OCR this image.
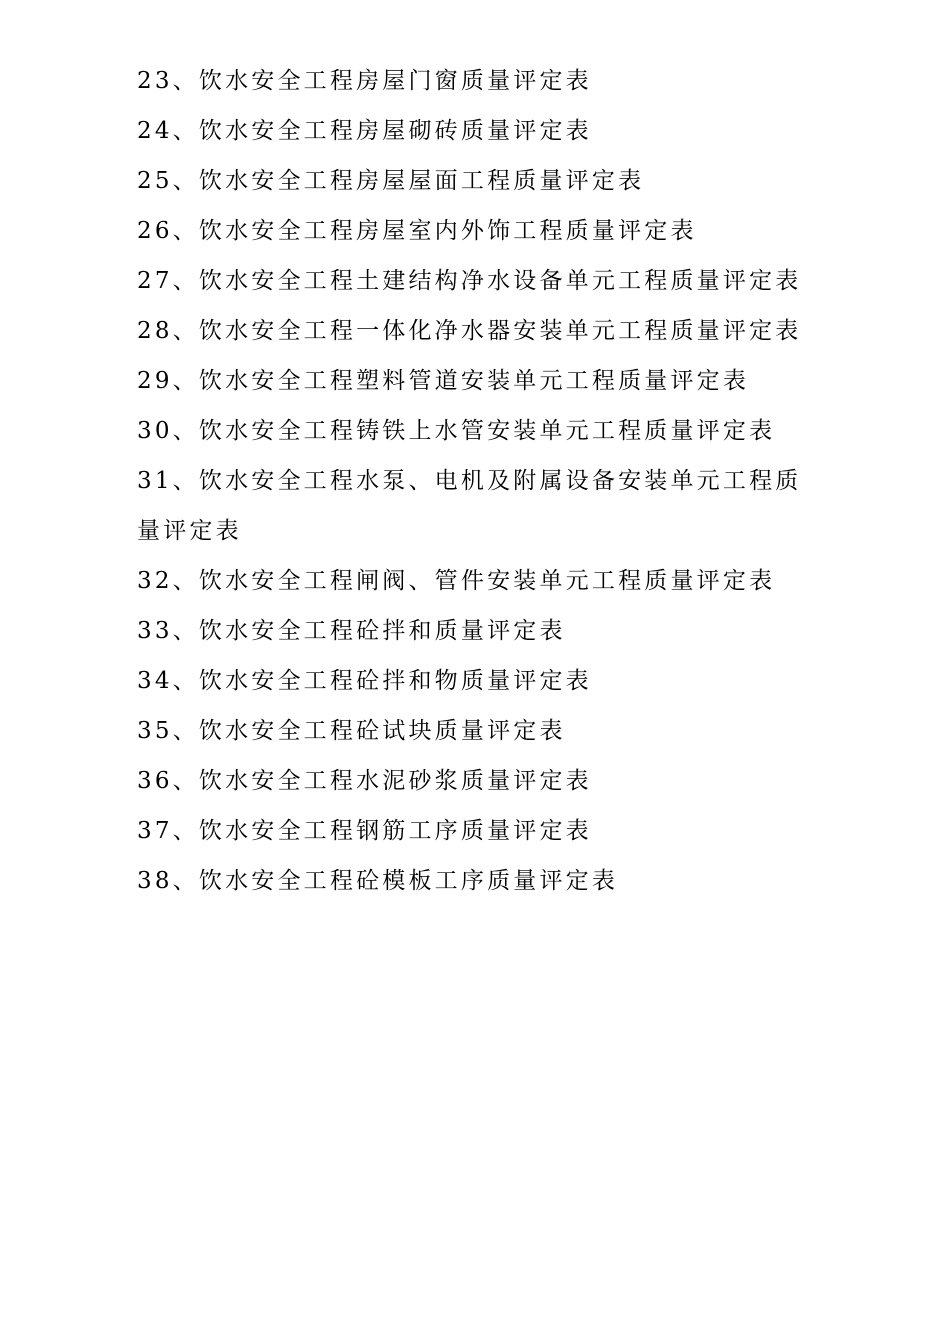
23、饮水安全工程房屋门窗质量评定表
24、饮水安全工程房屋砌砖质量评定表
25、饮水安全工程房屋屋面工程质量评定表
26、饮水安全工程房屋室内外饰工程质量评定表
27、饮水安全工程土建结构净水设备单元工程质量评定表
28、饮水安全工程一体化净水器安装单元工程质量评定表
29、饮水安全工程塑料管道安装单元工程质量评定表
30、饮水安全工程铸铁上水管安装单元工程质量评定表
31、饮水安全工程水泵、电机及附属设备安装单元工程质量评定表
32、饮水安全工程闸阀、管件安装单元工程质量评定表
33、饮水安全工程砼拌和质量评定表
34、饮水安全工程砼拌和物质量评定表
35、饮水安全工程砼试块质量评定表
36、饮水安全工程水泥砂浆质量评定表
37、饮水安全工程钢筋工序质量评定表
38、饮水安全工程砼模板工序质量评定表
